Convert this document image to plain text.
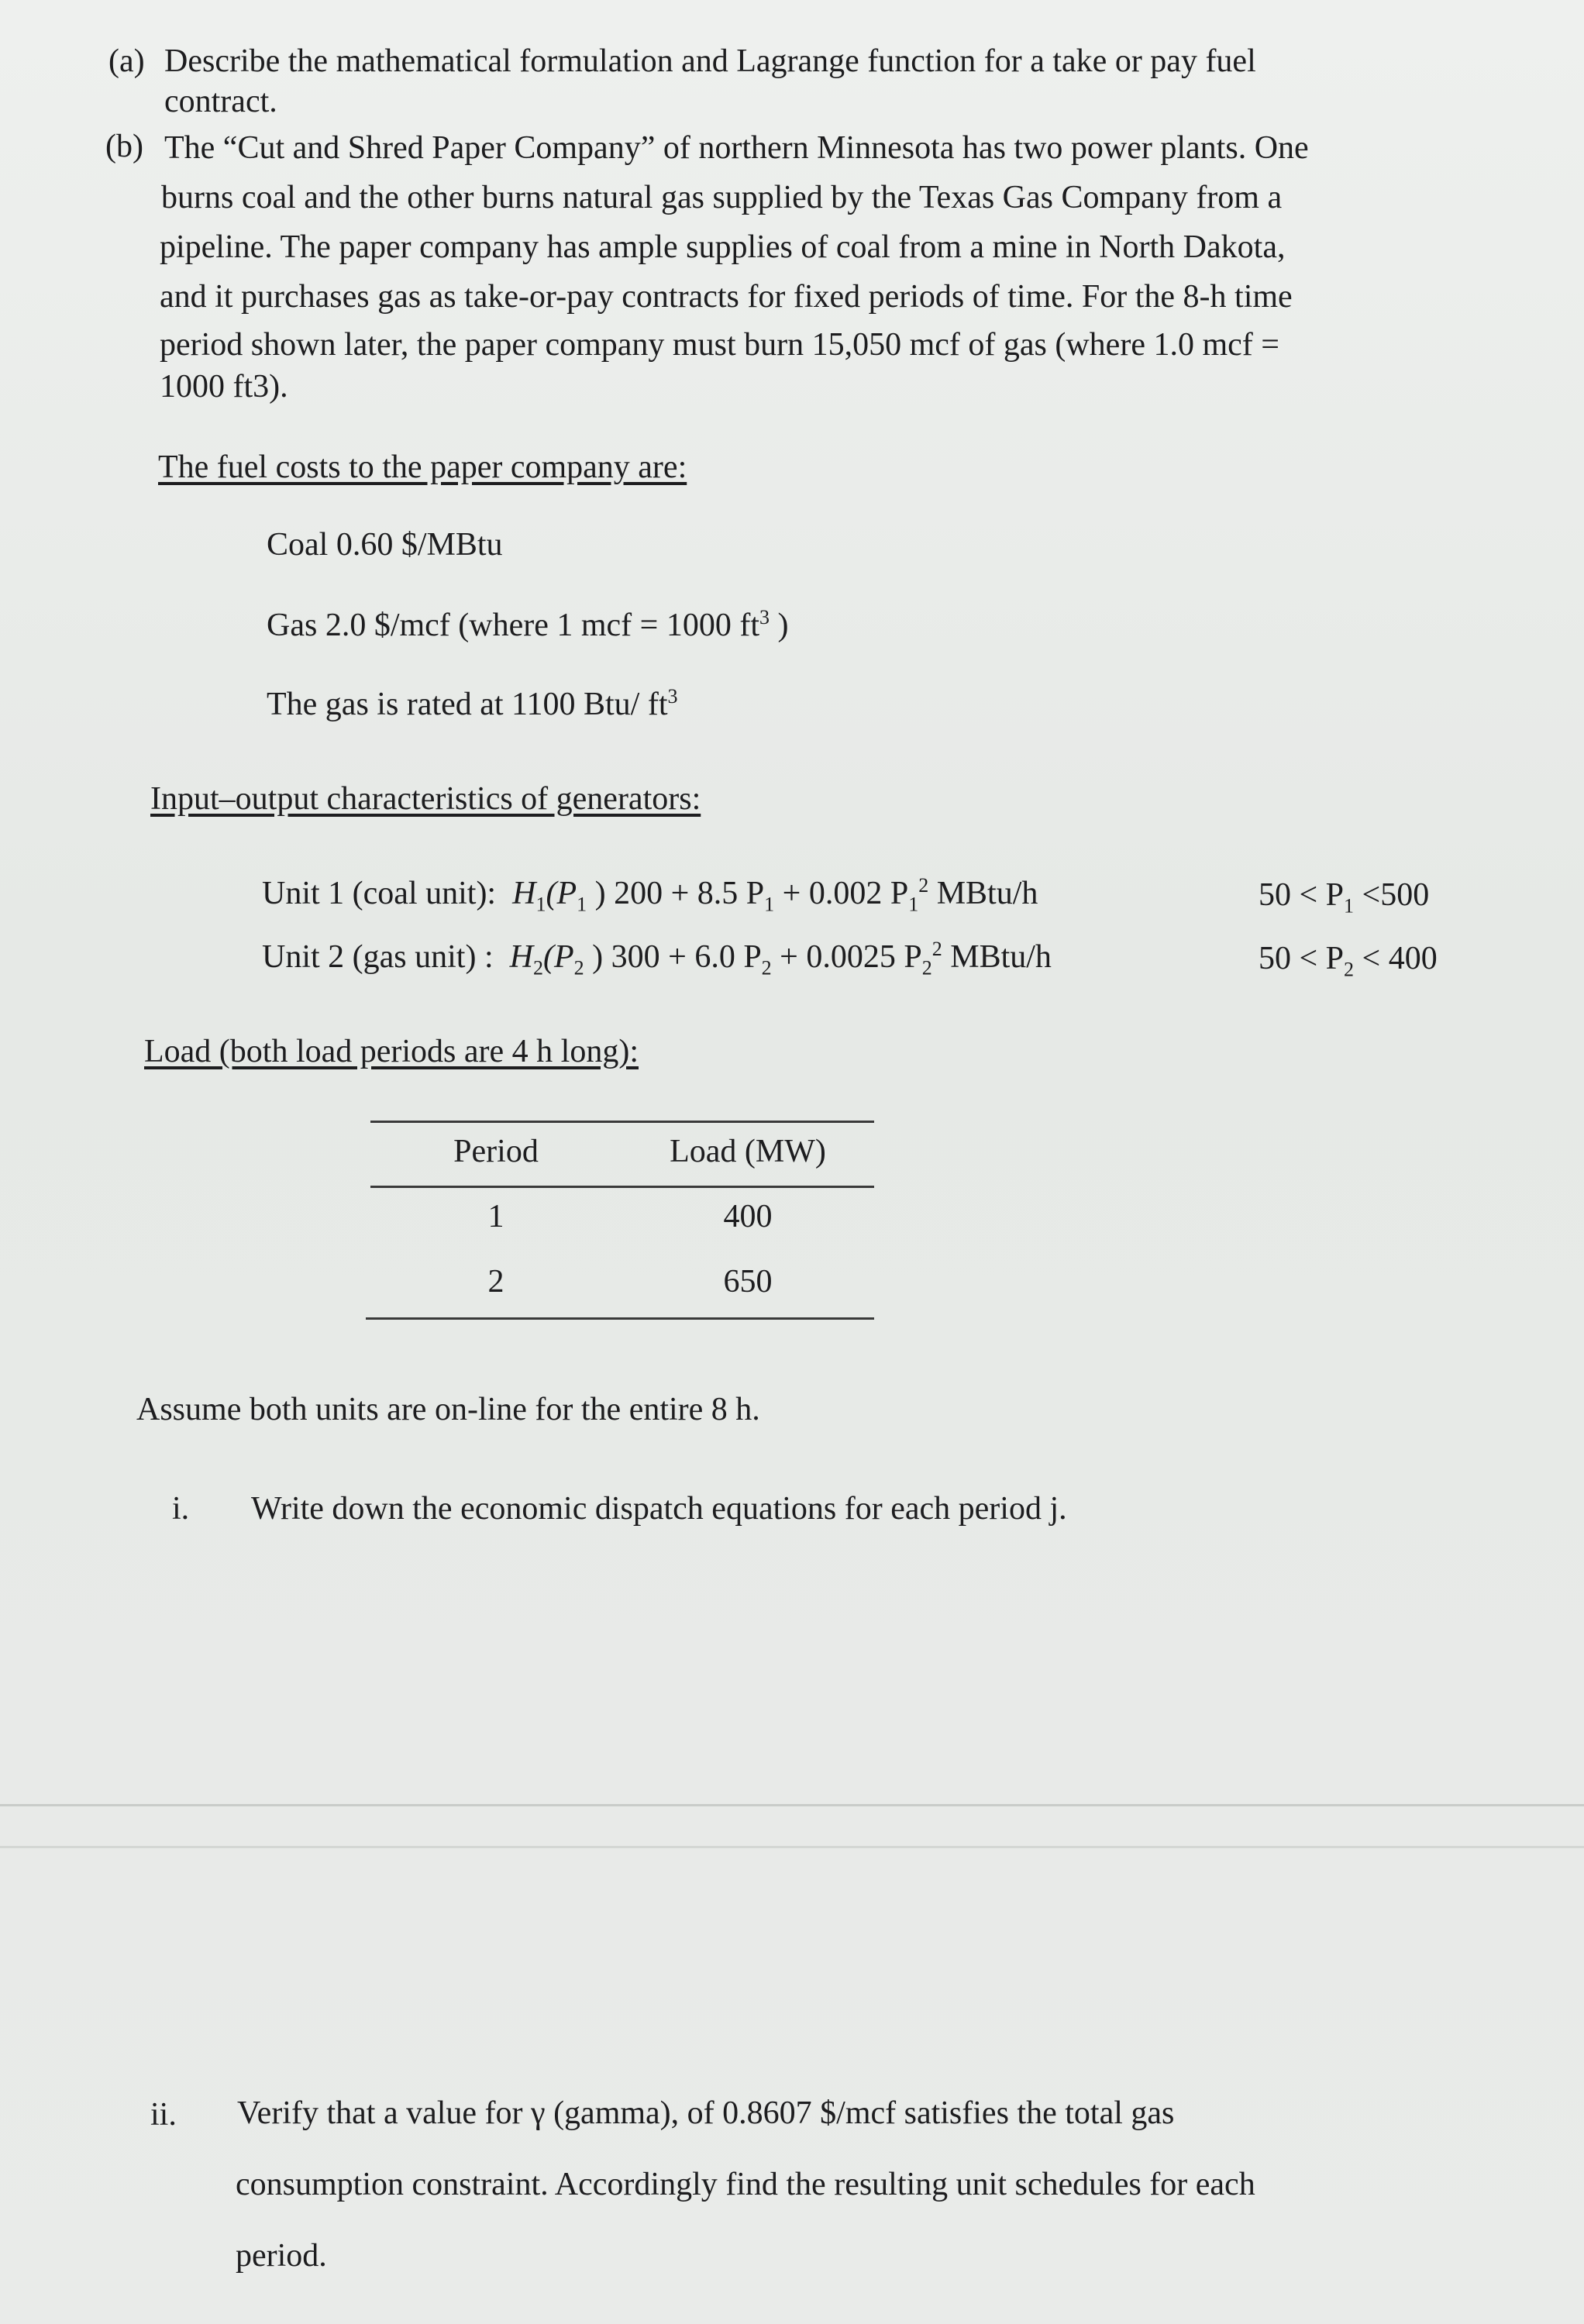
(a) Describe the mathematical formulation and Lagrange function for a take or pay fuel
contract.
(b) The “Cut and Shred Paper Company” of northern Minnesota has two power plants. One
burns coal and the other burns natural gas supplied by the Texas Gas Company from a
pipeline. The paper company has ample supplies of coal from a mine in North Dakota,
and it purchases gas as take-or-pay contracts for fixed periods of time. For the 8-h time
period shown later, the paper company must burn 15,050 mcf of gas (where 1.0 mcf =
1000 ft3).
The fuel costs to the paper company are:
Coal 0.60 $/MBtu
Gas 2.0 $/mcf (where 1 mcf = 1000 $ft^3$ )
The gas is rated at 1100 Btu/ $ft^3$
Input–output characteristics of generators:
Unit 1 (coal unit): $H_1(P_1$ ) 200 + 8.5 $P_1 + 0.002$ $P_1^2$ MBtu/h	$50 < P_1 <500$
Unit 2 (gas unit) : $H_2(P_2$ ) 300 + 6.0 $P_2 + 0.0025$ $P_2^2$ MBtu/h	$50 < P_2 < 400$
Load (both load periods are 4 h long):
Period	Load (MW)
1	400
2	650
Assume both units are on-line for the entire 8 h.
i. Write down the economic dispatch equations for each period j.
ii. Verify that a value for γ (gamma), of 0.8607 $/mcf satisfies the total gas
consumption constraint. Accordingly find the resulting unit schedules for each
period.
